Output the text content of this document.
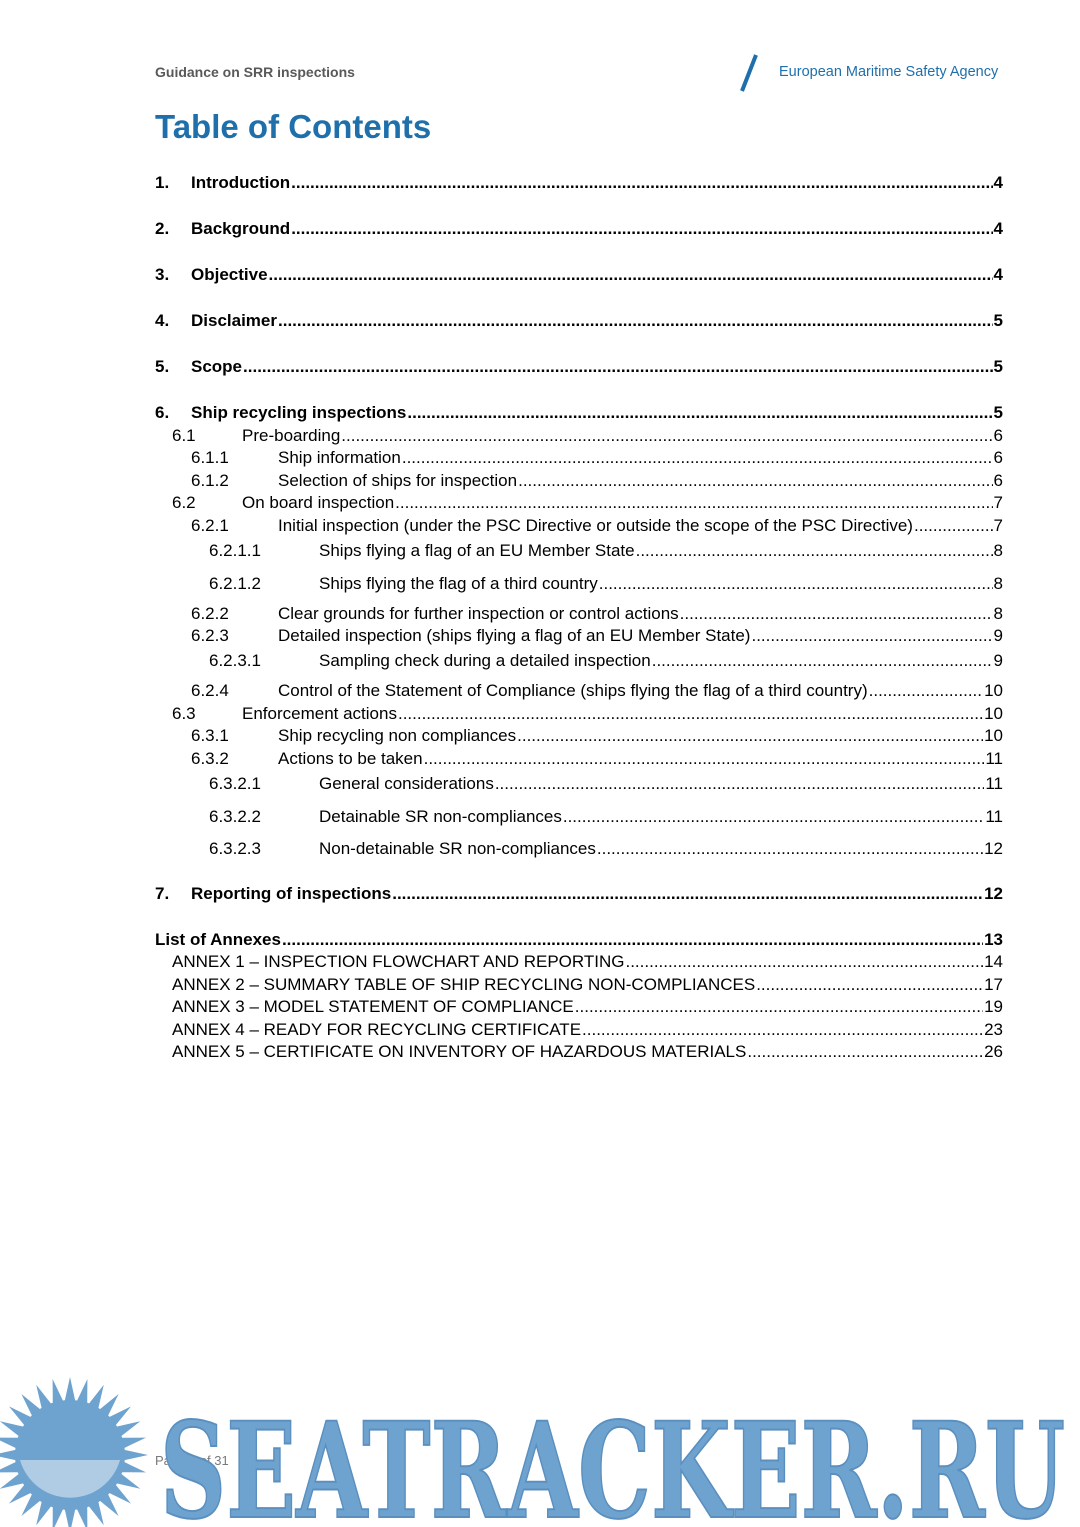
Guidance on SRR inspections	European Maritime Safety Agency
Table of Contents
1. Introduction .....	4
2. Background .....	4
3. Objective .....	4
4. Disclaimer .....	5
5. Scope .....	5
6. Ship recycling inspections .....	5
6.1	Pre-boarding .....	6
6.1.1	Ship information .....	6
6.1.2	Selection of ships for inspection .....	6
6.2	On board inspection .....	7
6.2.1	Initial inspection (under the PSC Directive or outside the scope of the PSC Directive) .....	7
6.2.1.1	Ships flying a flag of an EU Member State .....	8
6.2.1.2	Ships flying the flag of a third country .....	8
6.2.2	Clear grounds for further inspection or control actions .....	8
6.2.3	Detailed inspection (ships flying a flag of an EU Member State) .....	9
6.2.3.1	Sampling check during a detailed inspection .....	9
6.2.4	Control of the Statement of Compliance (ships flying the flag of a third country) .....	10
6.3	Enforcement actions .....	10
6.3.1	Ship recycling non compliances .....	10
6.3.2	Actions to be taken .....	11
6.3.2.1	General considerations .....	11
6.3.2.2	Detainable SR non-compliances .....	11
6.3.2.3	Non-detainable SR non-compliances .....	12
7. Reporting of inspections .....	12
List of Annexes .....	13
ANNEX 1 – INSPECTION FLOWCHART AND REPORTING .....	14
ANNEX 2 – SUMMARY TABLE OF SHIP RECYCLING NON-COMPLIANCES .....	17
ANNEX 3 – MODEL STATEMENT OF COMPLIANCE .....	19
ANNEX 4 – READY FOR RECYCLING CERTIFICATE .....	23
ANNEX 5 – CERTIFICATE ON INVENTORY OF HAZARDOUS MATERIALS .....	26
Page 2 of 31
SEATRACKER.RU
